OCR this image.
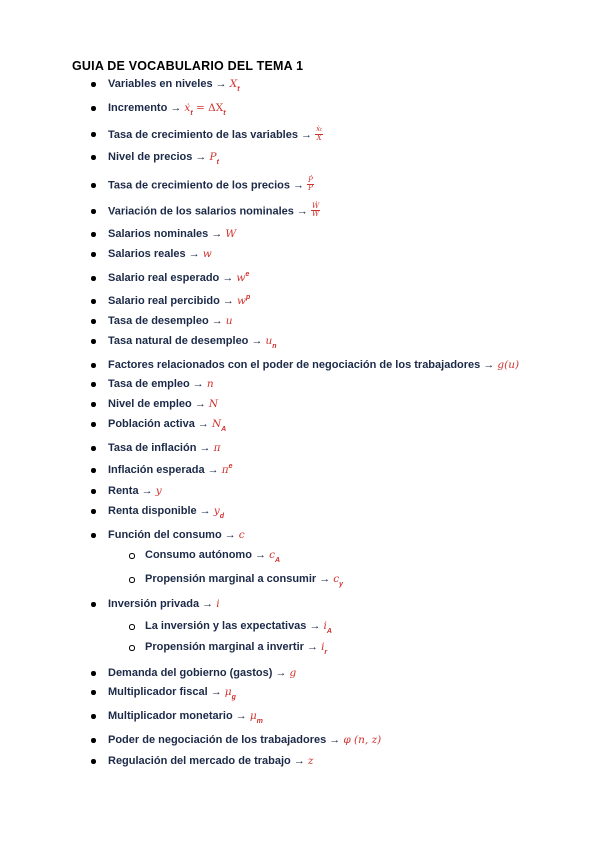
GUIA DE VOCABULARIO DEL TEMA 1
Variables en niveles → $X_t$
Incremento → ẋ$_t$ = $\Delta X_t$
Tasa de crecimiento de las variables → $\frac{\text{ẋt}}{X}$
Nivel de precios → $P_t$
Tasa de crecimiento de los precios → $\frac{\text{Ṗ}}{P}$
Variación de los salarios nominales → $\frac{\text{Ẇ}}{W}$
Salarios nominales → W
Salarios reales → w
Salario real esperado → $w^e$
Salario real percibido → $w^p$
Tasa de desempleo → u
Tasa natural de desempleo → $u_n$
Factores relacionados con el poder de negociación de los trabajadores → g(u)
Tasa de empleo → n
Nivel de empleo → N
Población activa → $N_A$
Tasa de inflación → π
Inflación esperada → $\pi^e$
Renta → y
Renta disponible → $y_d$
Función del consumo → c
Consumo autónomo → $c_A$
Propensión marginal a consumir → $c_y$
Inversión privada → i
La inversión y las expectativas → $i_A$
Propensión marginal a invertir → $i_r$
Demanda del gobierno (gastos) → g
Multiplicador fiscal → $\mu_g$
Multiplicador monetario → $\mu_m$
Poder de negociación de los trabajadores → φ (n, z)
Regulación del mercado de trabajo → z
